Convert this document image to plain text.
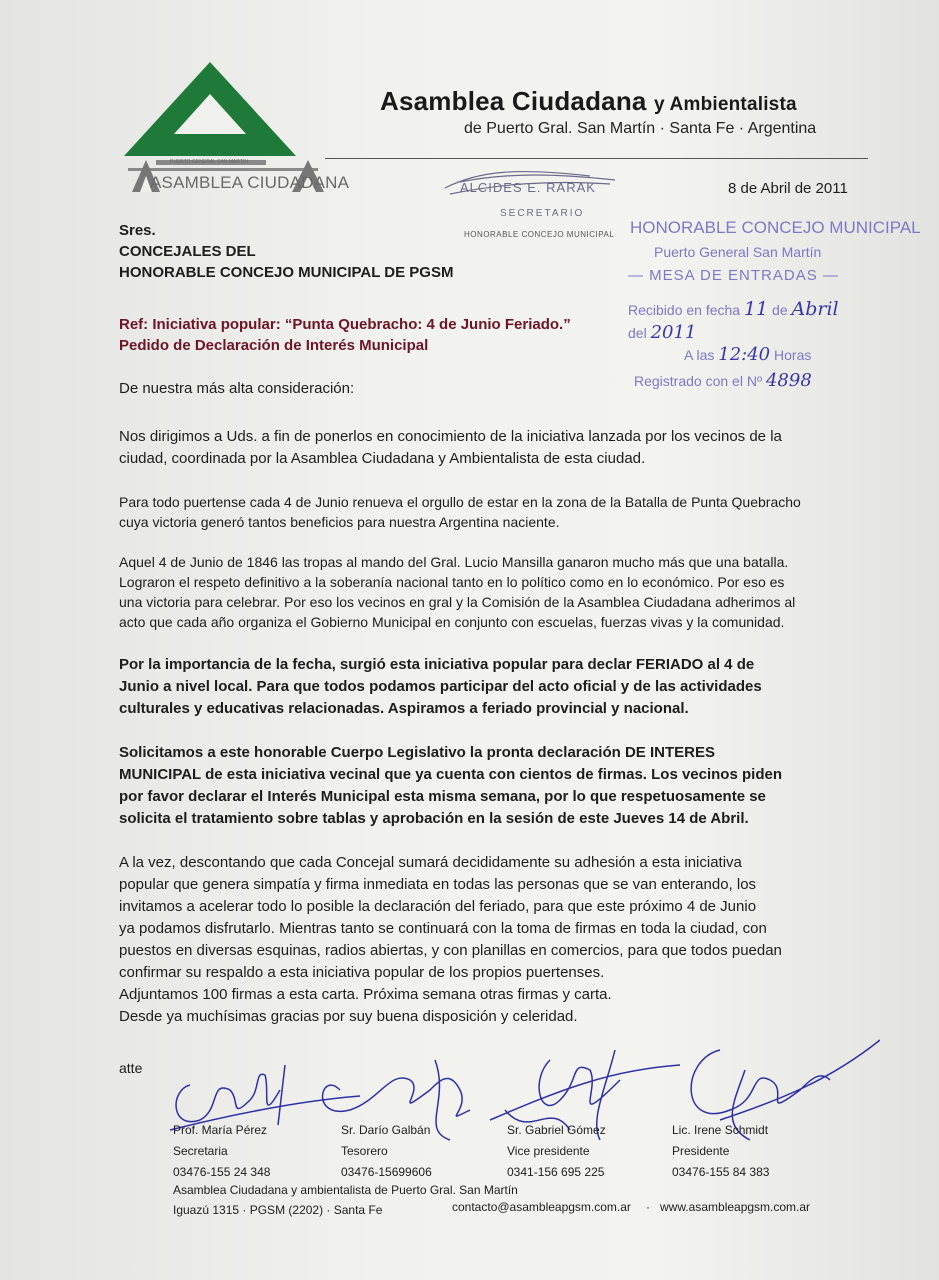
ASAMBLEA CIUDADANA
PUERTO GENERAL SAN MARTIN
Asamblea Ciudadana y Ambientalista
de Puerto Gral. San Martín · Santa Fe · Argentina
8 de Abril de 2011
ALCIDES E. RARAK
SECRETARIO
HONORABLE CONCEJO MUNICIPAL HONORABLE CONCEJO MUNICIPAL
Puerto General San Martín
— MESA DE ENTRADAS —
Recibido en fecha 11 de Abril
del 2011
A las 12:40 Horas
Registrado con el Nº 4898
Sres.
CONCEJALES DEL
HONORABLE CONCEJO MUNICIPAL DE PGSM
Ref: Iniciativa popular: “Punta Quebracho: 4 de Junio Feriado.”
Pedido de Declaración de Interés Municipal
De nuestra más alta consideración:
Nos dirigimos a Uds. a fin de ponerlos en conocimiento de la iniciativa lanzada por los vecinos de la
ciudad, coordinada por la Asamblea Ciudadana y Ambientalista de esta ciudad.
Para todo puertense cada 4 de Junio renueva el orgullo de estar en la zona de la Batalla de Punta Quebracho
cuya victoria generó tantos beneficios para nuestra Argentina naciente.
Aquel 4 de Junio de 1846 las tropas al mando del Gral. Lucio Mansilla ganaron mucho más que una batalla.
Lograron el respeto definitivo a la soberanía nacional tanto en lo político como en lo económico. Por eso es
una victoria para celebrar. Por eso los vecinos en gral y la Comisión de la Asamblea Ciudadana adherimos al
acto que cada año organiza el Gobierno Municipal en conjunto con escuelas, fuerzas vivas y la comunidad.
Por la importancia de la fecha, surgió esta iniciativa popular para declar FERIADO al 4 de
Junio a nivel local. Para que todos podamos participar del acto oficial y de las actividades
culturales y educativas relacionadas. Aspiramos a feriado provincial y nacional.
Solicitamos a este honorable Cuerpo Legislativo la pronta declaración DE INTERES
MUNICIPAL de esta iniciativa vecinal que ya cuenta con cientos de firmas. Los vecinos piden
por favor declarar el Interés Municipal esta misma semana, por lo que respetuosamente se
solicita el tratamiento sobre tablas y aprobación en la sesión de este Jueves 14 de Abril.
A la vez, descontando que cada Concejal sumará decididamente su adhesión a esta iniciativa
popular que genera simpatía y firma inmediata en todas las personas que se van enterando, los
invitamos a acelerar todo lo posible la declaración del feriado, para que este próximo 4 de Junio
ya podamos disfrutarlo. Mientras tanto se continuará con la toma de firmas en toda la ciudad, con
puestos en diversas esquinas, radios abiertas, y con planillas en comercios, para que todos puedan
confirmar su respaldo a esta iniciativa popular de los propios puertenses.
Adjuntamos 100 firmas a esta carta. Próxima semana otras firmas y carta.
Desde ya muchísimas gracias por suy buena disposición y celeridad.
atte
Prof. María Pérez
Secretaria
03476-155 24 348
Sr. Darío Galbán
Tesorero
03476-15699606
Sr. Gabriel Gómez
Vice presidente
0341-156 695 225
Lic. Irene Schmidt
Presidente
03476-155 84 383
Asamblea Ciudadana y ambientalista de Puerto Gral. San Martín
Iguazú 1315 · PGSM (2202) · Santa Fe	contacto@asambleapgsm.com.ar · www.asambleapgsm.com.ar
